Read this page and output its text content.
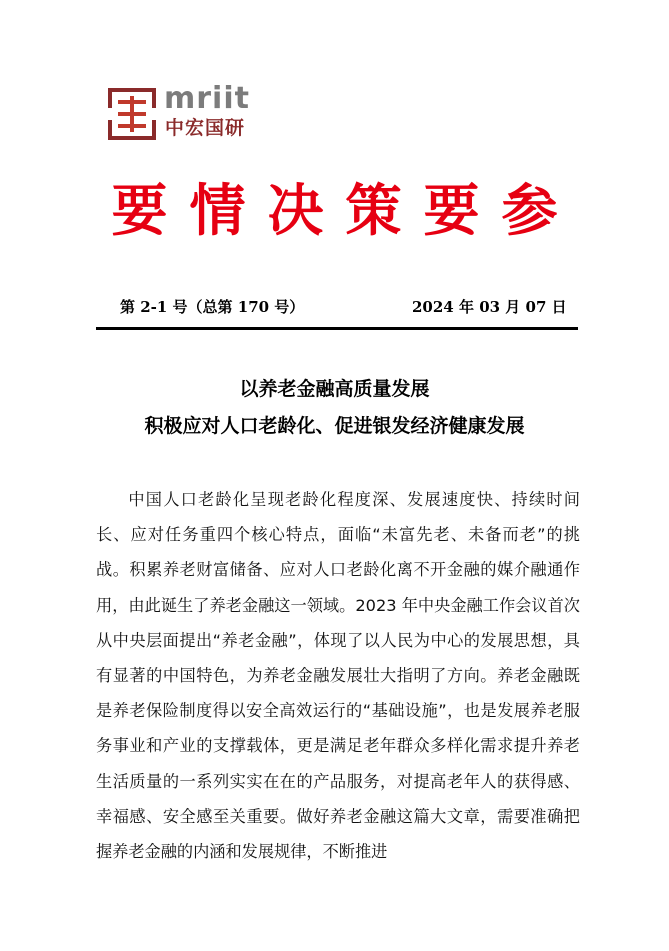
mriit
中宏国研
要情决策要参
第 2-1 号（总第 170 号）	2024 年 03 月 07 日
以养老金融高质量发展
积极应对人口老龄化、促进银发经济健康发展

中国人口老龄化呈现老龄化程度深、发展速度快、持续时间长、应对任务重四个核心特点，面临“未富先老、未备而老”的挑战。积累养老财富储备、应对人口老龄化离不开金融的媒介融通作用，由此诞生了养老金融这一领域。2023 年中央金融工作会议首次从中央层面提出“养老金融”，体现了以人民为中心的发展思想，具有显著的中国特色，为养老金融发展壮大指明了方向。养老金融既是养老保险制度得以安全高效运行的“基础设施”，也是发展养老服务事业和产业的支撑载体，更是满足老年群众多样化需求提升养老生活质量的一系列实实在在的产品服务，对提高老年人的获得感、幸福感、安全感至关重要。做好养老金融这篇大文章，需要准确把握养老金融的内涵和发展规律，不断推进
